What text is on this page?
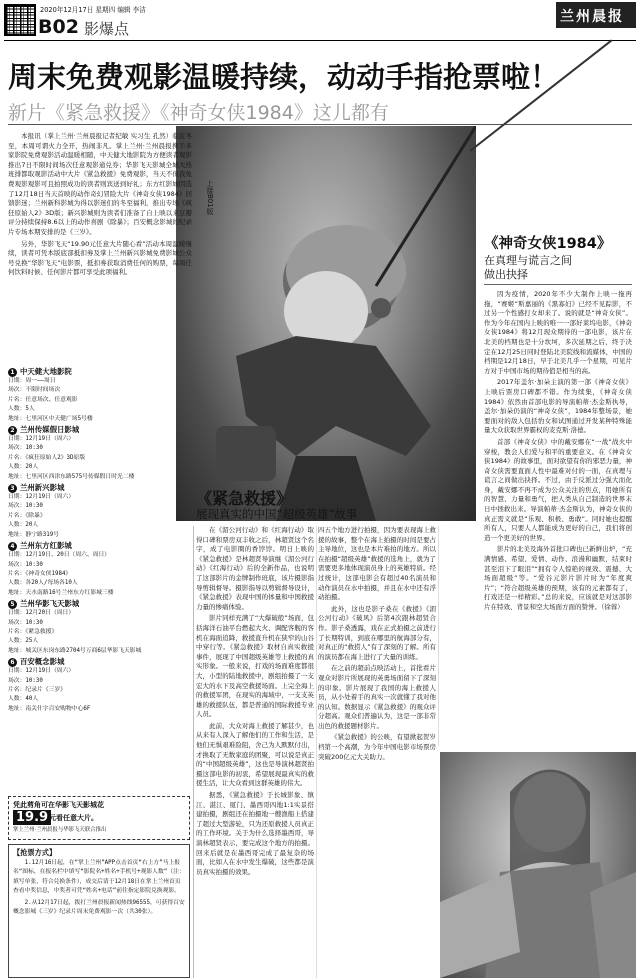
2020年12月17日 星期四 编辑 李洁
B02 影爆点
兰州晨报
周末免费观影温暖持续，动动手指抢票啦！
新片《紧急救援》《神奇女侠1984》这儿都有
上接B01版

本报讯（掌上兰州·兰州晨报记者纪敏 实习生 孔然）临近冬至，本周可谓火力全开，热闹非凡。掌上兰州·兰州晨报携手多家影院免费观影活动温暖相随，中天健大地影院为方便读者观影推出7日不限时间场次任意观影通兑券；华影飞天影城全城大热班排都取观影活动中大片《紧急救援》免费观影，当天不但我免费观影观影可且拍照成功的读者则宾送到好礼；东方红影城因选了12月18日当天首映的动作奇幻冒险大片《神奇女侠1984》回馈影迷；兰州新科影城为得以影迷们的冬至福利，推出专场《疯狂原始人2》3D版；新兴影城则为读者们准备了自上映以来豆瓣评分持续保持8.6以上的动作喜剧《除暴》；百安概念影城的纪录片专场本期安排的是《三岁》。

另外，华影飞天“19.90元任意大片随心看”活动本周温暖继续，读者可凭本版底部抵扣劵及掌上兰州新兴影城免费影城公众号兑换“华影飞天”电影票，抵扣劵获取消费任何的购票，每周任何饮料时候、任何影片都可享受此项福利。

1 中天健大地影院
日期：周一——周日
场次：不限时间场次
片名：任意场次、任意观影
人数：5人
地址：七里河区中天健广场5号楼
2 兰州传媒假日影城
日期：12月19日（周六）
场次：10:30
片名：《疯狂原始人2》3D原版
人数：20人
地址：七里河区西津东路575号传媒假日时光二楼
3 兰州新兴影城
日期：12月19日（周六）
场次：10:30
片名：《除暴》
人数：20人
地址：静宁路319号
4 兰州东方红影城
日期：12月19日、20日（周六、周日）
场次：10:30
片名：《神奇女侠1984》
人数：各20人/每场各10人
地址：天水南路16号兰州东方红影城三楼
5 兰州华影飞天影城
日期：12月20日（周日）
场次：10:30
片名：《紧急救援》
人数：25人
地址：城关区东岗东路2704号万商6层华影飞天影城
6 百安概念影城
日期：12月19日（周六）
场次：10:30
片名：纪录片《三岁》
人数：40人
地址：南关什字百安购物中心6F
凭此剪角可在华影飞天影城花
19.9 元看任意大片。
掌上兰州·兰州晨报与华影飞天联合推出
【抢票方式】

1.12月16日起，在“掌上兰州”APP点击首页“右上方”马上报名“图标，在报名栏中填写“影院名+姓名+手机号+观影人数”（注：填写单张，符合兑换条件），成交后请于12月18日在掌上兰州首页查看中奖信息，中奖者可凭“姓名+电话”前往指定影院兑换观影。

2.从12月17日起，拨打兰州晨报新闻热线96555，可获得百安概念影城《三岁》纪录片周末免费观影一次（共30张）。

《紧急救援》
展现真实的中国“超级英雄”故事

在《湄公河行动》和《红海行动》取得口碑和票房双丰收之后，林超贤这个名字，成了电影圈的香饽饽。明日上映的《紧急救援》是林超贤导演继《湄公河行动》《红海行动》后的全新作品，也说明了这部影片的金牌制作班底，该片摄影指导剪辑督导。摄影指导以剪辑督导设计，《紧急救援》表现中国的体量和中国救援力量的惨痛体验。

影片同样充满了“大爆破般”场面，包括海洋石油平台燃起大火、调配客舰的客机在海面追降，救援直升机在狭窄的山谷中穿行等。《紧急救援》取材自真实救援事件，展现了中国超级英雄等上救援的真实形象。一般来说，打戏的场面难度都很大，小型的陆地救援中，剧组拍摄了一支宏大的水下及高空救援场面。上完全海上的救援军团，在现实的海域中，一支支英雄的救援队伍，都是普通的国际救援专业人员。

此前，大众对海上救援了解甚少，也从来有人深入了解他们的工作和生活，是他们无惧艰难险阻，舍己为人默默付出，才换取了无数家庭的团聚，可以说是真正的“中国超级英雄”，这也是导演林超贤拍摄这部电影的初衷，希望展现最真实的救援生活，让大众看到这群英雄的伟大。

据悉，《紧急救援》于长城影象、镇江、湛江、厦门、墨西哥四地1:1实景搭建拍摄，剧组还在拍摄地一艘渔船上搭建了超过大型游轮，只为还原救援人员真正的工作环境。关于为什么选择墨西哥，导演林超贤表示，要完成这个地方的拍摄。回来后就是在墨西哥完成了最复杂的场面，比如人在水中发生爆破，这些都是演员真实拍摄的效果。

四五个地方进行拍摄，因为要表现海上救援的故事，整个在海上拍摄的时间是要占主导地位，这也是本片难拍的地方。所以在拍摄“超级英雄”救援的选角上，就为了需要更多地体现演员身上的英雄特质。经过统计，这部电影会有超过40名演员和动作演员在水中拍摄，并且在水中还有浮动拍摄。

此外，这也是影子桑在《救援》《湄公河行动》《破风》后第4次跟林超贤合作。影子桑透露，戏在正式拍摄之前进行了长期特训，到底在哪里的航海部分有，对真正的“救捞人”有了深刻的了解。所有的演员都在海上进行了大量的训练。

在之前的超前点映活动上，首批看片观众对影片所展现的英勇场面留下了深刻的印象。影片展现了我国的海上救援人员，从小处着手的真实一次就懂了我对他的认知。数据显示《紧急救援》的观众评分超高。观众们普遍认为，这是一部非常出色的救援题材影片。

《紧急救援》的公映，有望掀起贺岁档第一个高潮，为今年中国电影市场票房突破200亿元大关助力。

《神奇女侠1984》
在真理与谎言之间
做出抉择

因为疫情，2020年不少大制作上映一拖再拖，“赛姬”斯嘉丽的《黑寡妇》已经不见踪影，不过另一个性感打女却来了。说的就是“神奇女侠”。作为今年在国内上映的唯一一部好莱坞电影，《神奇女侠1984》将12月现众期待的一部电影，该片在北美的档期也是十分坎坷，多次延期之后，终于决定在12月25日同时登陆北美院线和流媒体，中国的档期是12月18日，早于北美几乎一个星期，可见片方对于中国市场的期待值是相当的高。

2017年盖尔·加朵主演的第一部《神奇女侠》上映后票房口碑都不错。作为续集，《神奇女侠1984》依然由首部电影的导演帕蒂·杰金斯执导，盖尔·加朵仍演的“神奇女侠”，1984年整场景，她要面对的敌人包括豹女和试图通过开发某种特殊能量大众获取世界霸权的麦克斯·洛德。

首部《神奇女侠》中的戴安娜在“一战”战火中穿梭，教会人们爱与和平的重要意义。在《神奇女侠1984》的故事里，面对欲望有你的邪恶力量，神奇女侠需要直面人性中最难对付的一面，在真理与谎言之间做出抉择。不过，由于反派过分强大而化身，戴安娜不再不成为公众关注的焦点，用她所有的智慧、力量和勇气，把人类从自己制造的世界末日中拯救出来。导演帕蒂·杰金斯认为，神奇女侠的真正需义就是“乐观、积极、勇敢”。同时她也提醒所有人，只要人人都能成为更好的自己，我们将创造一个更美好的世界。

影片的北美及海外首批口碑也已新鲜出炉，“充满情感、希望、爱情、动作、浪漫和幽默，结束时甚至泪下了眼泪”“拥有令人惊艳的视效、震撼、大场面超级”等。“爱谷元影片影片时为“年度爽片”；“符合超级英雄的预期，该有的元素都有了，打戏还是一样精彩。”总的来说，应该就是对这部影片在特效、背景和空大场面方面的赞誉。（徐蓉）
